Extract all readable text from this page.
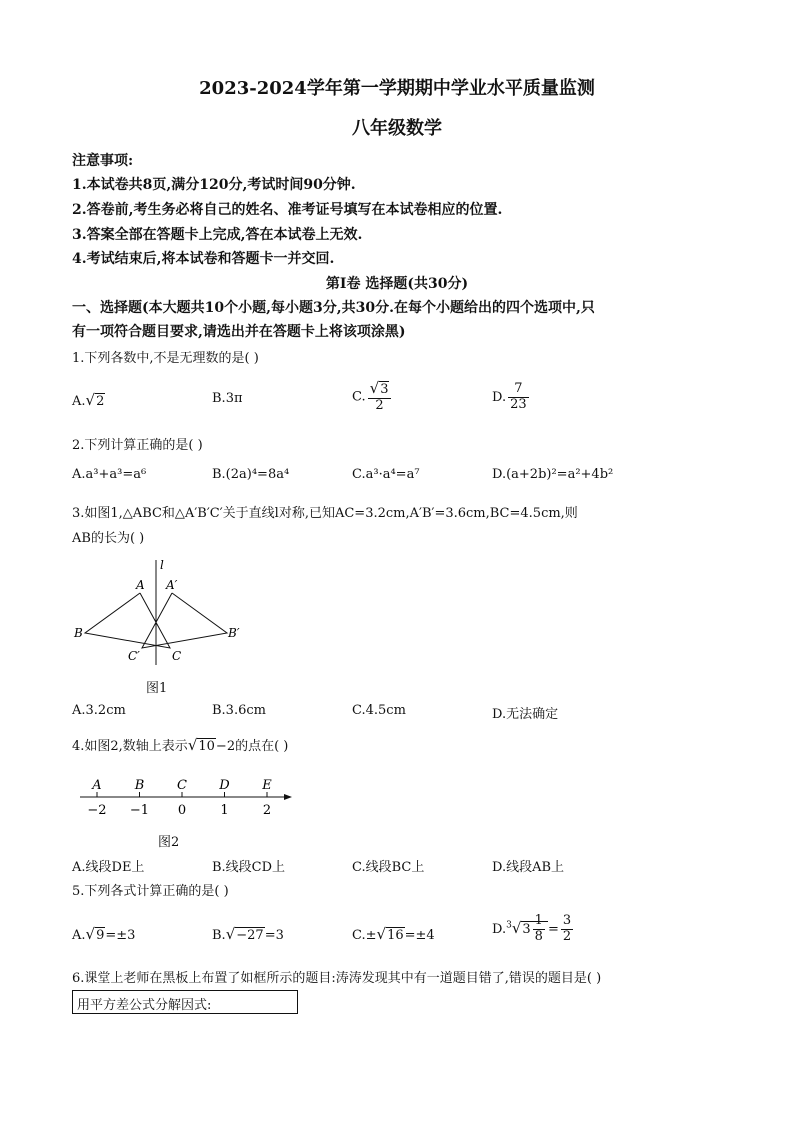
2023-2024学年第一学期期中学业水平质量监测
八年级数学
注意事项:
1.本试卷共8页,满分120分,考试时间90分钟.
2.答卷前,考生务必将自己的姓名、准考证号填写在本试卷相应的位置.
3.答案全部在答题卡上完成,答在本试卷上无效.
4.考试结束后,将本试卷和答题卡一并交回.
第Ⅰ卷 选择题(共30分)
一、选择题(本大题共10个小题,每小题3分,共30分.在每个小题给出的四个选项中,只
有一项符合题目要求,请选出并在答题卡上将该项涂黑)
1.下列各数中,不是无理数的是( )
A.√2	B.3π	C. $\frac{√3}{2}$	D. $\frac{7}{23}$
2.下列计算正确的是( )
A.a³+a³=a⁶	B.(2a)⁴=8a⁴	C.a³·a⁴=a⁷	D.(a+2b)²=a²+4b²
3.如图1,△ABC和△A′B′C′关于直线l对称,已知AC=3.2cm,A′B′=3.6cm,BC=4.5cm,则
AB的长为( )
l
A A′
B	B′
C
C′
图1
A.3.2cm	B.3.6cm	C.4.5cm	D.无法确定
4.如图2,数轴上表示√10−2的点在( )
A
−2
B
−1
C
0
D
1
E
2
图2
A.线段DE上	B.线段CD上	C.线段BC上	D.线段AB上
5.下列各式计算正确的是( )
A.√9=±3	B.√−27=3	C.±√16=±4	$D.^3√3 \frac{1}{8} = \frac{3}{2}$
6.课堂上老师在黑板上布置了如框所示的题目:涛涛发现其中有一道题目错了,错误的题目是( )
用平方差公式分解因式:
